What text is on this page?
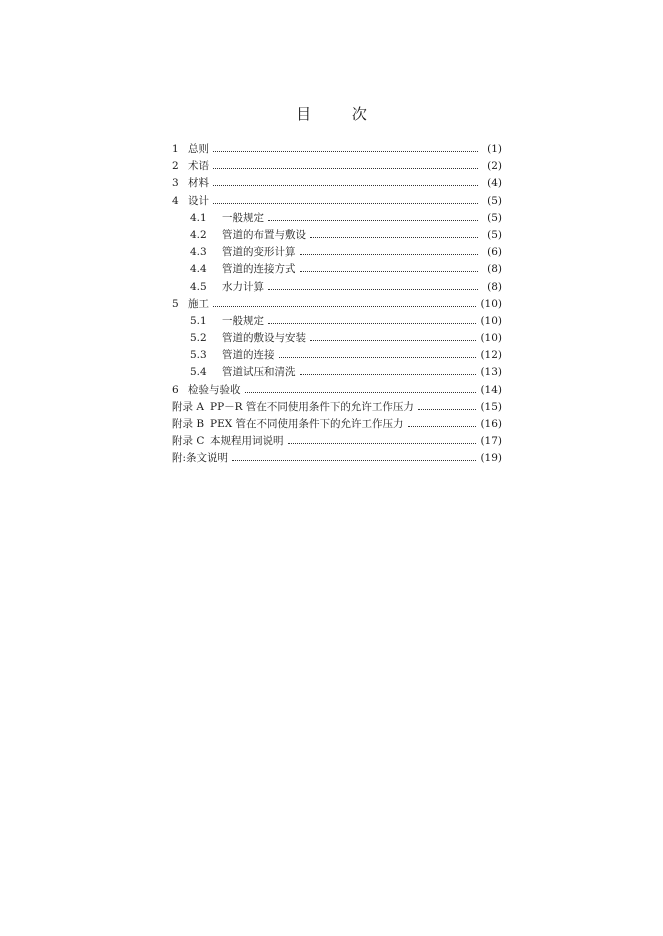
目 次
1 总则	(1)
2 术语	(2)
3 材料	(4)
4 设计	(5)
4.1	一般规定	(5)
4.2	管道的布置与敷设	(5)
4.3	管道的变形计算	(6)
4.4	管道的连接方式	(8)
4.5	水力计算	(8)
5 施工	(10)
5.1	一般规定	(10)
5.2	管道的敷设与安装	(10)
5.3	管道的连接	(12)
5.4	管道试压和清洗	(13)
6 检验与验收	(14)
附录 A PP－R 管在不同使用条件下的允许工作压力	(15)
附录 B PEX 管在不同使用条件下的允许工作压力	(16)
附录 C 本规程用词说明	(17)
附:条文说明	(19)
